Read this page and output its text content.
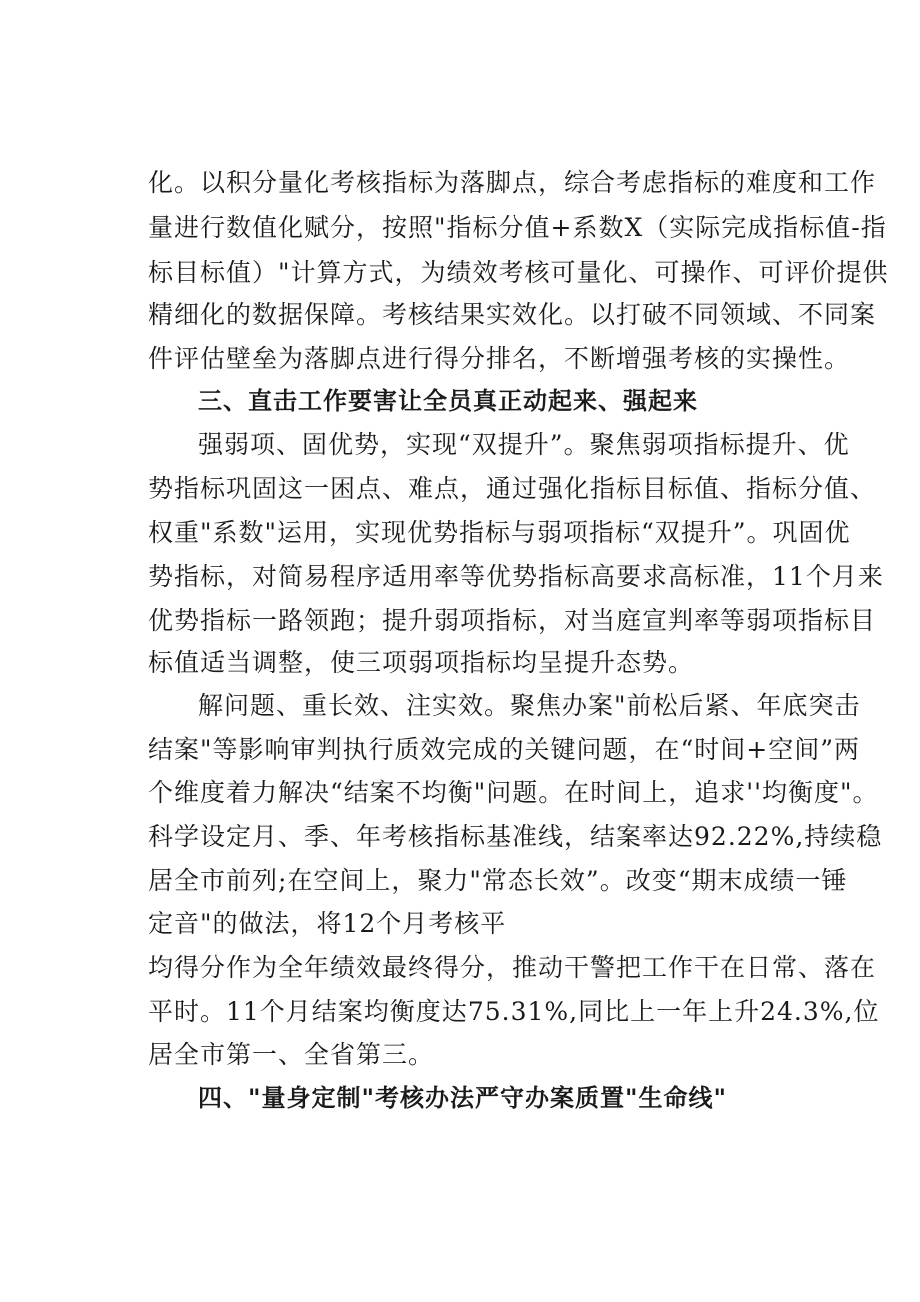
化。以积分量化考核指标为落脚点，综合考虑指标的难度和工作
量进行数值化赋分，按照"指标分值+系数X（实际完成指标值-指
标目标值）"计算方式，为绩效考核可量化、可操作、可评价提供
精细化的数据保障。考核结果实效化。以打破不同领域、不同案
件评估壁垒为落脚点进行得分排名，不断增强考核的实操性。
三、直击工作要害让全员真正动起来、强起来
强弱项、固优势，实现“双提升”。聚焦弱项指标提升、优
势指标巩固这一困点、难点，通过强化指标目标值、指标分值、
权重"系数"运用，实现优势指标与弱项指标“双提升”。巩固优
势指标，对简易程序适用率等优势指标高要求高标准，11个月来
优势指标一路领跑；提升弱项指标，对当庭宣判率等弱项指标目
标值适当调整，使三项弱项指标均呈提升态势。
解问题、重长效、注实效。聚焦办案"前松后紧、年底突击
结案"等影响审判执行质效完成的关键问题，在“时间+空间”两
个维度着力解决“结案不均衡"问题。在时间上，追求''均衡度"。
科学设定月、季、年考核指标基准线，结案率达92.22%,持续稳
居全市前列;在空间上，聚力"常态长效”。改变“期末成绩一锤
定音"的做法，将12个月考核平
均得分作为全年绩效最终得分，推动干警把工作干在日常、落在
平时。11个月结案均衡度达75.31%,同比上一年上升24.3%,位
居全市第一、全省第三。
四、"量身定制"考核办法严守办案质置"生命线"
